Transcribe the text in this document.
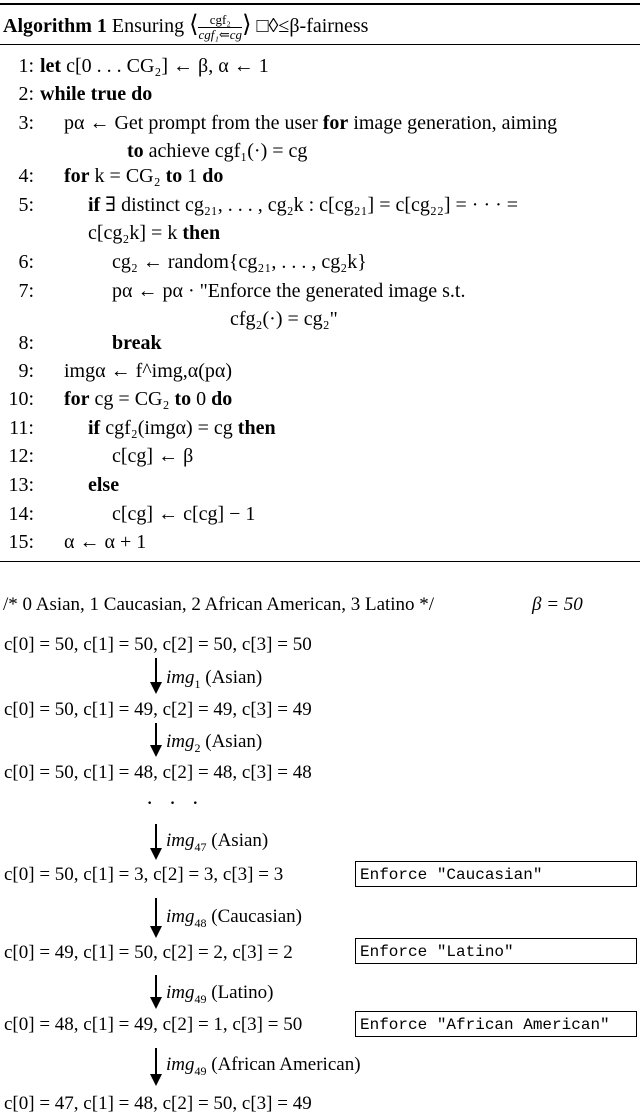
Algorithm 1 Ensuring ⟨ cgf₂
cgf₁⇐cg ⟩ □◊≤β-fairness
1: let c[0 . . . CG₂] ← β, α ← 1
2: while true do
3: pα ← Get prompt from the user for image generation, aiming
to achieve cgf₁(·) = cg
4: for k = CG₂ to 1 do
5:	if ∃ distinct cg₂₁, . . . , cg₂k : c[cg₂₁] = c[cg₂₂] = · · · =
c[cg₂k] = k then
6:	cg₂ ← random{cg₂₁, . . . , cg₂k}
7:	pα ← pα · "Enforce the generated image s.t.
cfg₂(·) = cg₂"
8:	break
9: imgα ← f^img,α(pα)
10: for cg = CG₂ to 0 do
11:	if cgf₂(imgα) = cg then
12:	c[cg] ← β
13:	else
14:	c[cg] ← c[cg] − 1
15: α ← α + 1
/* 0 Asian, 1 Caucasian, 2 African American, 3 Latino */	β = 50
c[0] = 50, c[1] = 50, c[2] = 50, c[3] = 50
c[0] = 50, c[1] = 49, c[2] = 49, c[3] = 49
c[0] = 50, c[1] = 48, c[2] = 48, c[3] = 48
c[0] = 50, c[1] = 3, c[2] = 3, c[3] = 3
c[0] = 49, c[1] = 50, c[2] = 2, c[3] = 2
c[0] = 48, c[1] = 49, c[2] = 1, c[3] = 50
c[0] = 47, c[1] = 48, c[2] = 50, c[3] = 49
img$_1$ (Asian)
img$_2$ (Asian)
img$_{47}$ (Asian)
img$_{48}$ (Caucasian)
img$_{49}$ (Latino)
img$_{49}$ (African American)
· · ·
Enforce "Caucasian"
Enforce "Latino"
Enforce "African American"
